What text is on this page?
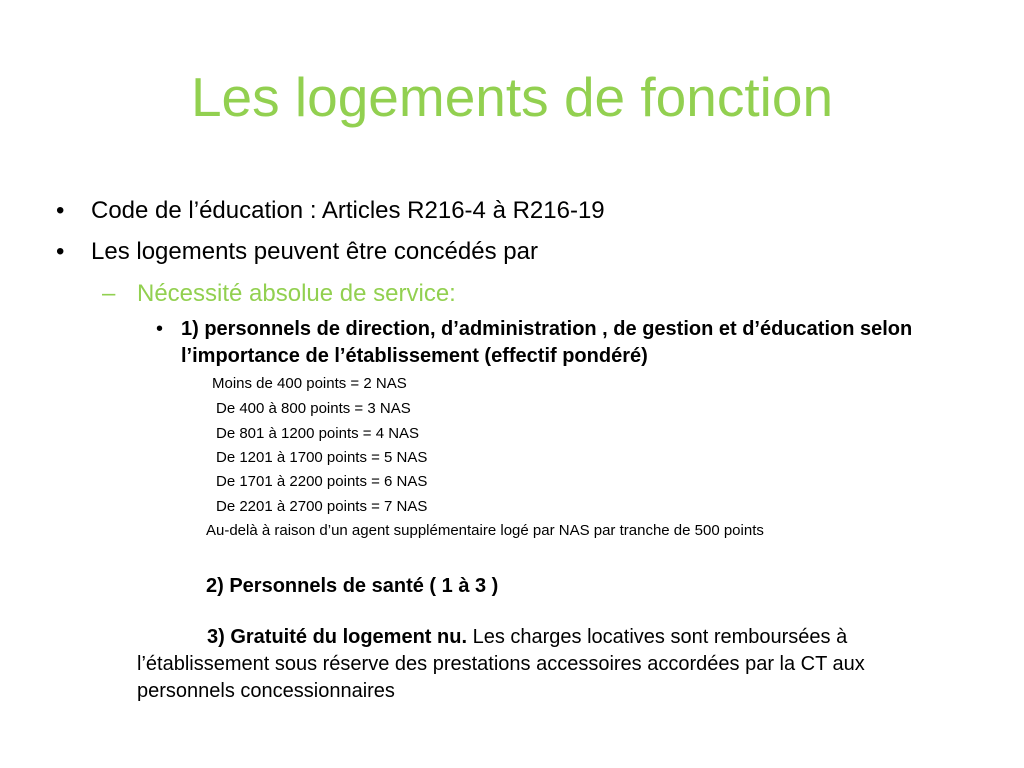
Les logements de fonction
• Code de l’éducation : Articles R216-4 à R216-19
• Les logements peuvent être concédés par
– Nécessité absolue de service:
• 1) personnels de direction, d’administration , de gestion et d’éducation selon l’importance de l’établissement (effectif pondéré)
Moins de 400 points = 2 NAS
De 400 à 800 points = 3 NAS
De 801 à 1200 points = 4 NAS
De 1201 à 1700 points = 5 NAS
De 1701 à 2200 points = 6 NAS
De 2201 à 2700 points = 7 NAS
Au-delà à raison d’un agent supplémentaire logé par NAS par tranche de 500 points
2) Personnels de santé ( 1 à 3 )
3) Gratuité du logement nu. Les charges locatives sont remboursées à
l’établissement sous réserve des prestations accessoires accordées par la CT aux personnels concessionnaires
